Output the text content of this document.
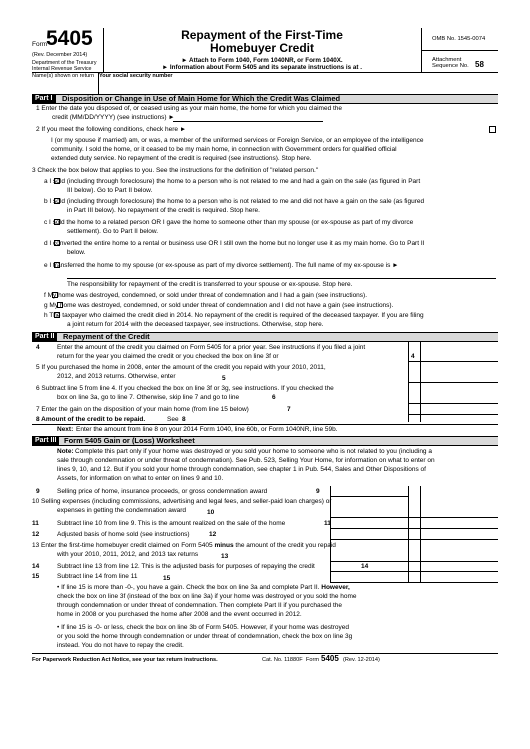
Form
5405
(Rev. December 2014)
Department of the Treasury
Internal Revenue Service
Repayment of the First-Time
Homebuyer Credit
► Attach to Form 1040, Form 1040NR, or Form 1040X.
► Information about Form 5405 and its separate instructions is at .
OMB No. 1545-0074
Attachment
Sequence No. 58
Name(s) shown on return Your social security number
Part I	Disposition or Change in Use of Main Home for Which the Credit Was Claimed
1 Enter the date you disposed of, or ceased using as your main home, the home for which you claimed the
credit (MM/DD/YYYY) (see instructions) ►
2 If you meet the following conditions, check here ►
I (or my spouse if married) am, or was, a member of the uniformed services or Foreign Service, or an employee of the intelligence
community. I sold the home, or it ceased to be my main home, in connection with Government orders for qualified official
extended duty service. No repayment of the credit is required (see instructions). Stop here.
3 Check the box below that applies to you. See the instructions for the definition of "related person."
a I sold (including through foreclosure) the home to a person who is not related to me and had a gain on the sale (as figured in Part
III below). Go to Part II below.
b I sold (including through foreclosure) the home to a person who is not related to me and did not have a gain on the sale (as figured
in Part III below). No repayment of the credit is required. Stop here.
c I sold the home to a related person OR I gave the home to someone other than my spouse (or ex-spouse as part of my divorce
settlement). Go to Part II below.
d I converted the entire home to a rental or business use OR I still own the home but no longer use it as my main home. Go to Part II
below.
e I transferred the home to my spouse (or ex-spouse as part of my divorce settlement). The full name of my ex-spouse is ►
The responsibility for repayment of the credit is transferred to your spouse or ex-spouse. Stop here.
f My home was destroyed, condemned, or sold under threat of condemnation and I had a gain (see instructions).
g My home was destroyed, condemned, or sold under threat of condemnation and I did not have a gain (see instructions).
h The taxpayer who claimed the credit died in 2014. No repayment of the credit is required of the deceased taxpayer. If you are filing
a joint return for 2014 with the deceased taxpayer, see instructions. Otherwise, stop here.
Part II	Repayment of the Credit
4	Enter the amount of the credit you claimed on Form 5405 for a prior year. See instructions if you filed a joint
return for the year you claimed the credit or you checked the box on line 3f or	4
5 If you purchased the home in 2008, enter the amount of the credit you repaid with your 2010, 2011,
2012, and 2013 returns. Otherwise, enter	5
6 Subtract line 5 from line 4. If you checked the box on line 3f or 3g, see instructions. If you checked the
box on line 3a, go to line 7. Otherwise, skip line 7 and go to line	6
7 Enter the gain on the disposition of your main home (from line 15 below)	7
8 Amount of the credit to be repaid.	See 8
Next: Enter the amount from line 8 on your 2014 Form 1040, line 60b, or Form 1040NR, line 59b.
Part III	Form 5405 Gain or (Loss) Worksheet
Note: Complete this part only if your home was destroyed or you sold your home to someone who is not related to you (including a
sale through condemnation or under threat of condemnation). See Pub. 523, Selling Your Home, for information on what to enter on
lines 9, 10, and 12. But if you sold your home through condemnation, see chapter 1 in Pub. 544, Sales and Other Dispositions of
Assets, for information on what to enter on lines 9 and 10.
9	Selling price of home, insurance proceeds, or gross condemnation award	9
10 Selling expenses (including commissions, advertising and legal fees, and seller-paid loan charges) or
expenses in getting the condemnation award	10
11	Subtract line 10 from line 9. This is the amount realized on the sale of the home	11
12	Adjusted basis of home sold (see instructions)	12
13 Enter the first-time homebuyer credit claimed on Form 5405 minus the amount of the credit you repaid
with your 2010, 2011, 2012, and 2013 tax returns	13
14	Subtract line 13 from line 12. This is the adjusted basis for purposes of repaying the credit	14
15	Subtract line 14 from line 11	15
• If line 15 is more than -0-, you have a gain. Check the box on line 3a and complete Part II. However,
check the box on line 3f (instead of the box on line 3a) if your home was destroyed or you sold the home
through condemnation or under threat of condemnation. Then complete Part II if you purchased the
home in 2008 or you purchased the home after 2008 and the event occurred in 2012.
• If line 15 is -0- or less, check the box on line 3b of Form 5405. However, if your home was destroyed
or you sold the home through condemnation or under threat of condemnation, check the box on line 3g
instead. You do not have to repay the credit.
For Paperwork Reduction Act Notice, see your tax return instructions.	Cat. No. 11880F Form 5405 (Rev. 12-2014)
